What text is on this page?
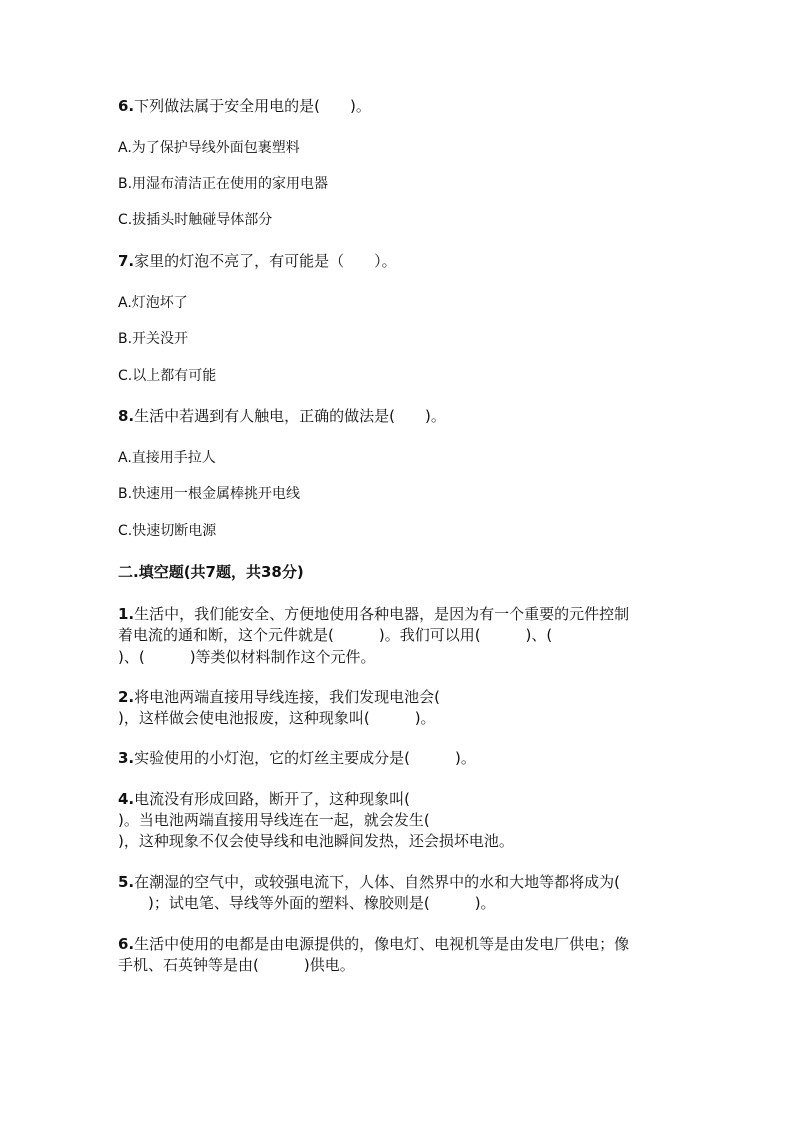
6.下列做法属于安全用电的是(　　)。
A.为了保护导线外面包裹塑料
B.用湿布清洁正在使用的家用电器
C.拔插头时触碰导体部分
7.家里的灯泡不亮了，有可能是（　　）。
A.灯泡坏了
B.开关没开
C.以上都有可能
8.生活中若遇到有人触电，正确的做法是(　　)。
A.直接用手拉人
B.快速用一根金属棒挑开电线
C.快速切断电源
二.填空题(共7题，共38分)
1.生活中，我们能安全、方便地使用各种电器，是因为有一个重要的元件控制
着电流的通和断，这个元件就是(　　　)。我们可以用(　　　)、(
)、(　　　)等类似材料制作这个元件。
2.将电池两端直接用导线连接，我们发现电池会(
)，这样做会使电池报废，这种现象叫(　　　)。
3.实验使用的小灯泡，它的灯丝主要成分是(　　　)。
4.电流没有形成回路，断开了，这种现象叫(
)。当电池两端直接用导线连在一起，就会发生(
)，这种现象不仅会使导线和电池瞬间发热，还会损坏电池。
5.在潮湿的空气中，或较强电流下，人体、自然界中的水和大地等都将成为(
　　)；试电笔、导线等外面的塑料、橡胶则是(　　　)。
6.生活中使用的电都是由电源提供的，像电灯、电视机等是由发电厂供电；像
手机、石英钟等是由(　　　)供电。
